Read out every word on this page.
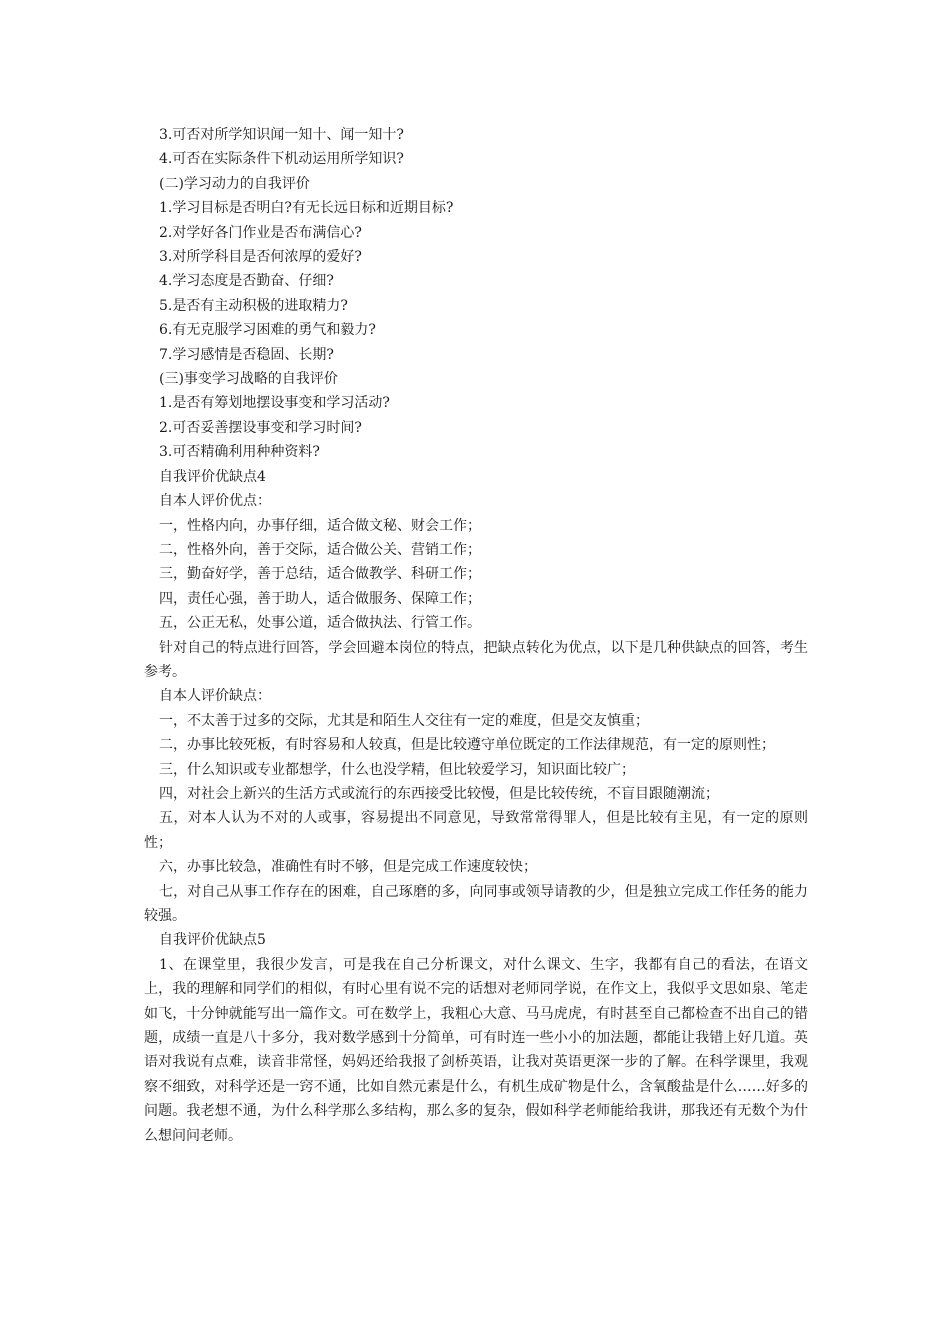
3.可否对所学知识闻一知十、闻一知十?

4.可否在实际条件下机动运用所学知识?

(二)学习动力的自我评价

1.学习目标是否明白?有无长远日标和近期目标?

2.对学好各门作业是否布满信心?

3.对所学科目是否何浓厚的爱好?

4.学习态度是否勤奋、仔细?

5.是否有主动积极的进取精力?

6.有无克服学习困难的勇气和毅力?

7.学习感情是否稳固、长期?

(三)事变学习战略的自我评价

1.是否有筹划地摆设事变和学习活动?

2.可否妥善摆设事变和学习时间?

3.可否精确利用种种资料?

自我评价优缺点4

自本人评价优点：

一，性格内向，办事仔细，适合做文秘、财会工作；

二，性格外向，善于交际，适合做公关、营销工作；

三，勤奋好学，善于总结，适合做教学、科研工作；

四，责任心强，善于助人，适合做服务、保障工作；

五，公正无私，处事公道，适合做执法、行管工作。

针对自己的特点进行回答，学会回避本岗位的特点，把缺点转化为优点，以下是几种供缺点的回答，考生参考。

自本人评价缺点：

一，不太善于过多的交际，尤其是和陌生人交往有一定的难度，但是交友慎重；

二，办事比较死板，有时容易和人较真，但是比较遵守单位既定的工作法律规范，有一定的原则性；

三，什么知识或专业都想学，什么也没学精，但比较爱学习，知识面比较广；

四，对社会上新兴的生活方式或流行的东西接受比较慢，但是比较传统，不盲目跟随潮流；

五，对本人认为不对的人或事，容易提出不同意见，导致常常得罪人，但是比较有主见，有一定的原则性；

六，办事比较急，准确性有时不够，但是完成工作速度较快；

七，对自己从事工作存在的困难，自己琢磨的多，向同事或领导请教的少，但是独立完成工作任务的能力较强。

自我评价优缺点5

1、在课堂里，我很少发言，可是我在自己分析课文，对什么课文、生字，我都有自己的看法，在语文上，我的理解和同学们的相似，有时心里有说不完的话想对老师同学说，在作文上，我似乎文思如泉、笔走如飞，十分钟就能写出一篇作文。可在数学上，我粗心大意、马马虎虎，有时甚至自己都检查不出自己的错题，成绩一直是八十多分，我对数学感到十分简单，可有时连一些小小的加法题，都能让我错上好几道。英语对我说有点难，读音非常怪，妈妈还给我报了剑桥英语，让我对英语更深一步的了解。在科学课里，我观察不细致，对科学还是一窍不通，比如自然元素是什么，有机生成矿物是什么，含氧酸盐是什么……好多的问题。我老想不通，为什么科学那么多结构，那么多的复杂，假如科学老师能给我讲，那我还有无数个为什么想问问老师。
